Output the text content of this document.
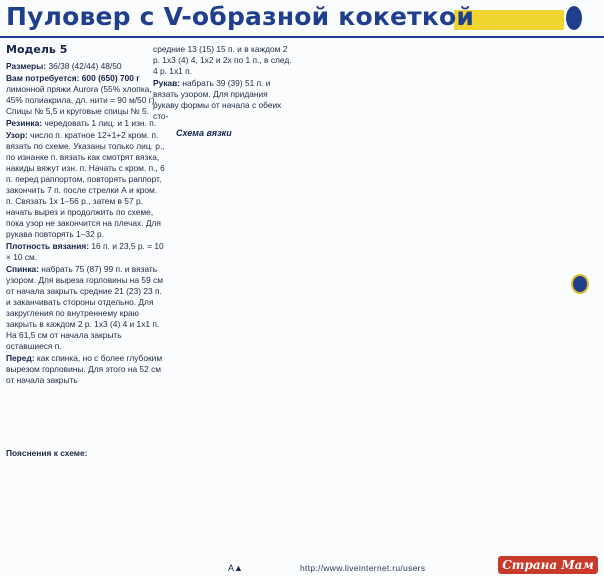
Пуловер с V-образной кокеткой

Модель 5

Размеры: 36/38 (42/44) 48/50

Вам потребуется: 600 (650) 700 г лимонной пряжи Aurora (55% хлопка, 45% полиакрила, дл. нити = 90 м/50 г). Спицы № 5,5 и круговые спицы № 5.

Резинка: чередовать 1 лиц. и 1 изн. п.

Узор: число п. кратное 12+1+2 кром. п. вязать по схеме. Указаны только лиц. р., по изнанке п. вязать как смотрят вязка, накиды вяжут изн. п. Начать с кром. п., 6 п. перед раппортом, повторять раппорт, закончить 7 п. после стрелки А и кром. п. Связать 1х 1–56 р., затем в 57 р. начать вырез и продолжить по схеме, пока узор не закончится на плечах. Для рукава повторять 1–32 р.

Плотность вязания: 16 п. и 23,5 р. = 10 × 10 см.

Спинка: набрать 75 (87) 99 п. и вязать узором. Для выреза горловины на 59 см от начала закрыть средние 21 (23) 23 п. и заканчивать стороны отдельно. Для закругления по внутреннему краю закрыть в каждом 2 р. 1х3 (4) 4 и 1х1 п. На 61,5 см от начала закрыть оставшиеся п.

Перед: как спинка, но с более глубоким вырезом горловины. Для этого на 52 см от начала закрыть

средние 13 (15) 15 п. и в каждом 2 р. 1х3 (4) 4, 1х2 и 2х по 1 п., в след. 4 р. 1х1 п.

Рукав: набрать 39 (39) 51 п. и вязать узором. Для придания рукаву формы от начала с обеих сто-

Схема вязки
A▲
Пояснения к схеме:
http://www.liveinternet.ru/users	Страна Мам
